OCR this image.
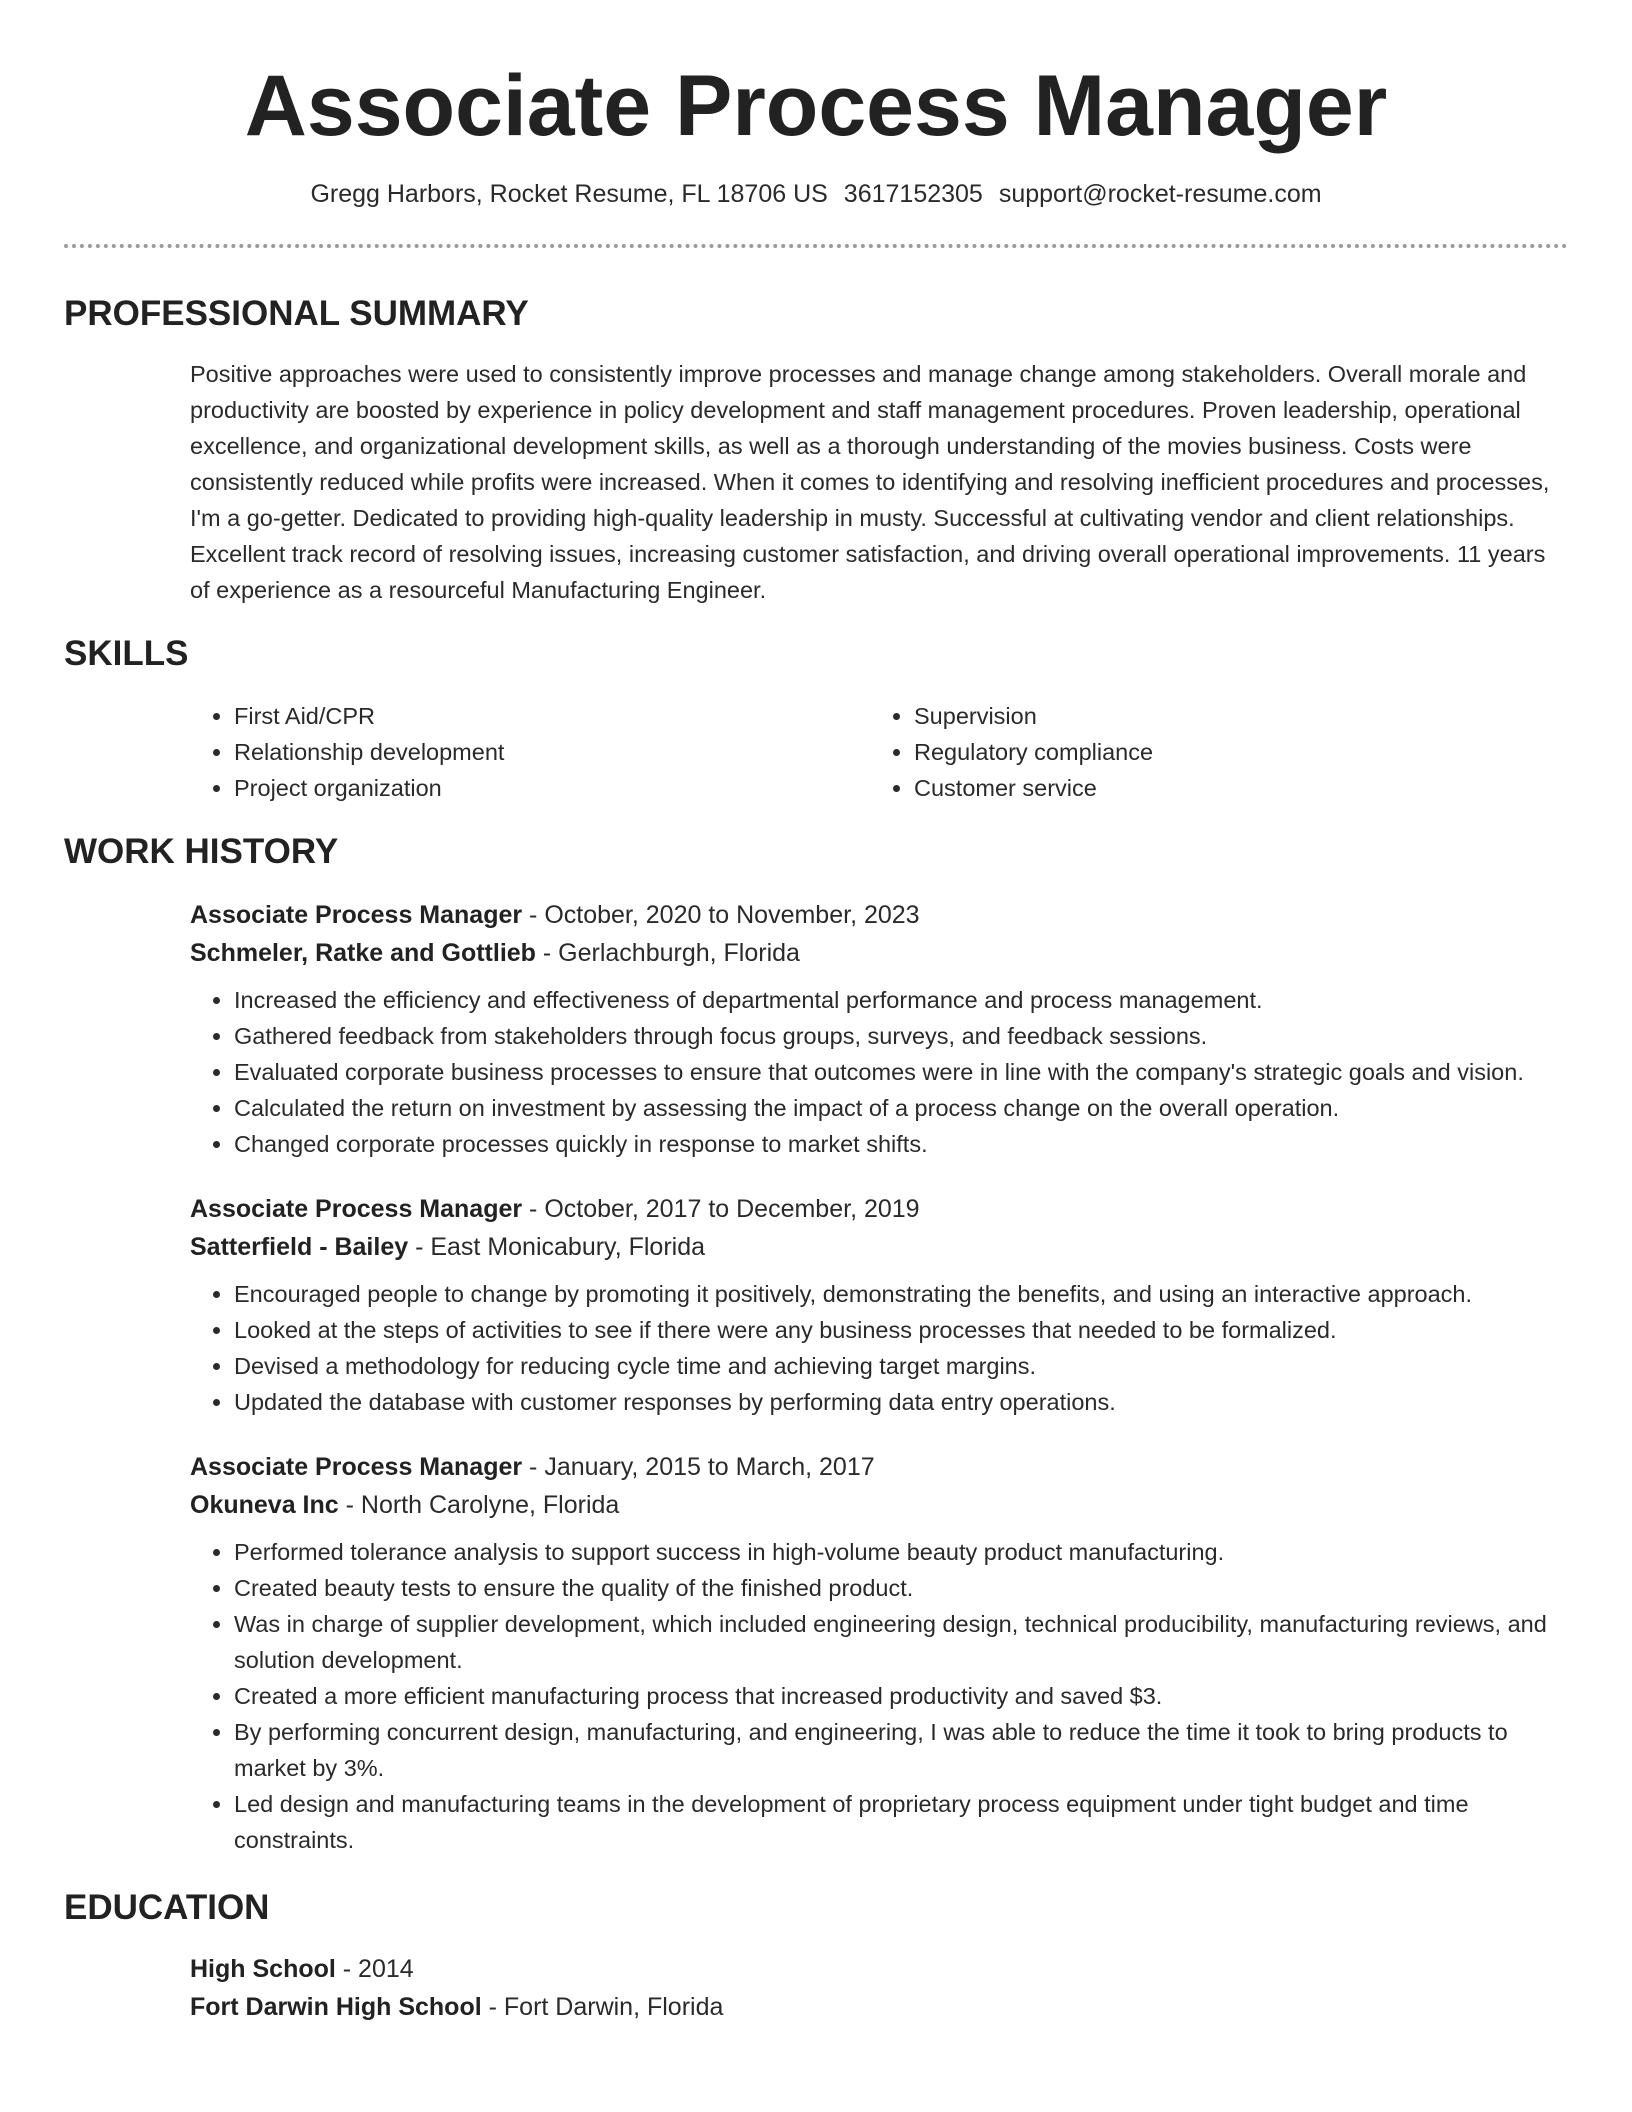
Associate Process Manager
Gregg Harbors, Rocket Resume, FL 18706 US 3617152305 support@rocket-resume.com
PROFESSIONAL SUMMARY
Positive approaches were used to consistently improve processes and manage change among stakeholders. Overall morale and productivity are boosted by experience in policy development and staff management procedures. Proven leadership, operational excellence, and organizational development skills, as well as a thorough understanding of the movies business. Costs were consistently reduced while profits were increased. When it comes to identifying and resolving inefficient procedures and processes, I'm a go-getter. Dedicated to providing high-quality leadership in musty. Successful at cultivating vendor and client relationships. Excellent track record of resolving issues, increasing customer satisfaction, and driving overall operational improvements. 11 years of experience as a resourceful Manufacturing Engineer.
SKILLS
• First Aid/CPR
• Relationship development
• Project organization
• Supervision
• Regulatory compliance
• Customer service
WORK HISTORY
Associate Process Manager - October, 2020 to November, 2023
Schmeler, Ratke and Gottlieb - Gerlachburgh, Florida
• Increased the efficiency and effectiveness of departmental performance and process management.
• Gathered feedback from stakeholders through focus groups, surveys, and feedback sessions.
• Evaluated corporate business processes to ensure that outcomes were in line with the company's strategic goals and vision.
• Calculated the return on investment by assessing the impact of a process change on the overall operation.
• Changed corporate processes quickly in response to market shifts.
Associate Process Manager - October, 2017 to December, 2019
Satterfield - Bailey - East Monicabury, Florida
• Encouraged people to change by promoting it positively, demonstrating the benefits, and using an interactive approach.
• Looked at the steps of activities to see if there were any business processes that needed to be formalized.
• Devised a methodology for reducing cycle time and achieving target margins.
• Updated the database with customer responses by performing data entry operations.
Associate Process Manager - January, 2015 to March, 2017
Okuneva Inc - North Carolyne, Florida
• Performed tolerance analysis to support success in high-volume beauty product manufacturing.
• Created beauty tests to ensure the quality of the finished product.
• Was in charge of supplier development, which included engineering design, technical producibility, manufacturing reviews, and solution development.
• Created a more efficient manufacturing process that increased productivity and saved $3.
• By performing concurrent design, manufacturing, and engineering, I was able to reduce the time it took to bring products to market by 3%.
• Led design and manufacturing teams in the development of proprietary process equipment under tight budget and time constraints.
EDUCATION
High School - 2014
Fort Darwin High School - Fort Darwin, Florida
